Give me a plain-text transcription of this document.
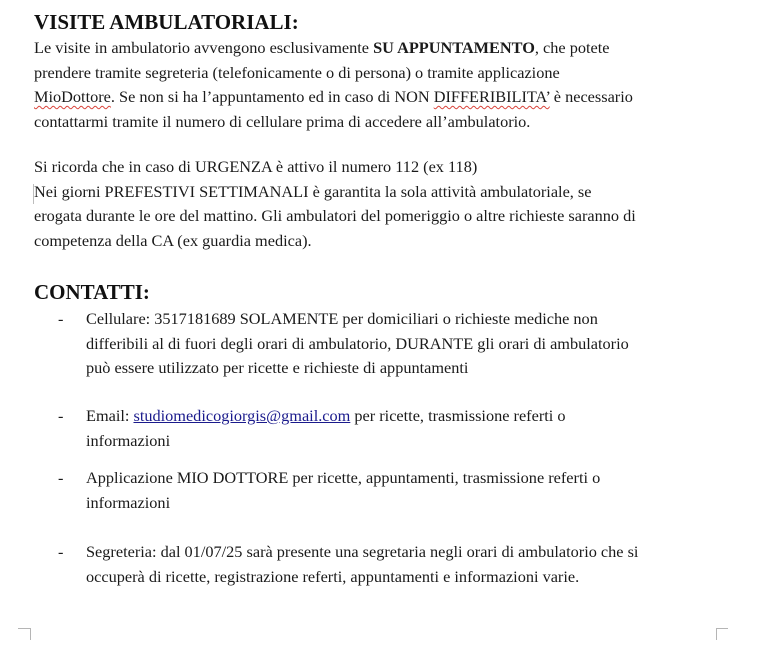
VISITE AMBULATORIALI:
Le visite in ambulatorio avvengono esclusivamente SU APPUNTAMENTO, che potete
prendere tramite segreteria (telefonicamente o di persona) o tramite applicazione
MioDottore. Se non si ha l’appuntamento ed in caso di NON DIFFERIBILITA’ è necessario
contattarmi tramite il numero di cellulare prima di accedere all’ambulatorio.
Si ricorda che in caso di URGENZA è attivo il numero 112 (ex 118)
Nei giorni PREFESTIVI SETTIMANALI è garantita la sola attività ambulatoriale, se
erogata durante le ore del mattino. Gli ambulatori del pomeriggio o altre richieste saranno di
competenza della CA (ex guardia medica).
CONTATTI:
-	Cellulare: 3517181689 SOLAMENTE per domiciliari o richieste mediche non
differibili al di fuori degli orari di ambulatorio, DURANTE gli orari di ambulatorio
può essere utilizzato per ricette e richieste di appuntamenti
-	Email: studiomedicogiorgis@gmail.com per ricette, trasmissione referti o
informazioni
-	Applicazione MIO DOTTORE per ricette, appuntamenti, trasmissione referti o
informazioni
-	Segreteria: dal 01/07/25 sarà presente una segretaria negli orari di ambulatorio che si
occuperà di ricette, registrazione referti, appuntamenti e informazioni varie.
